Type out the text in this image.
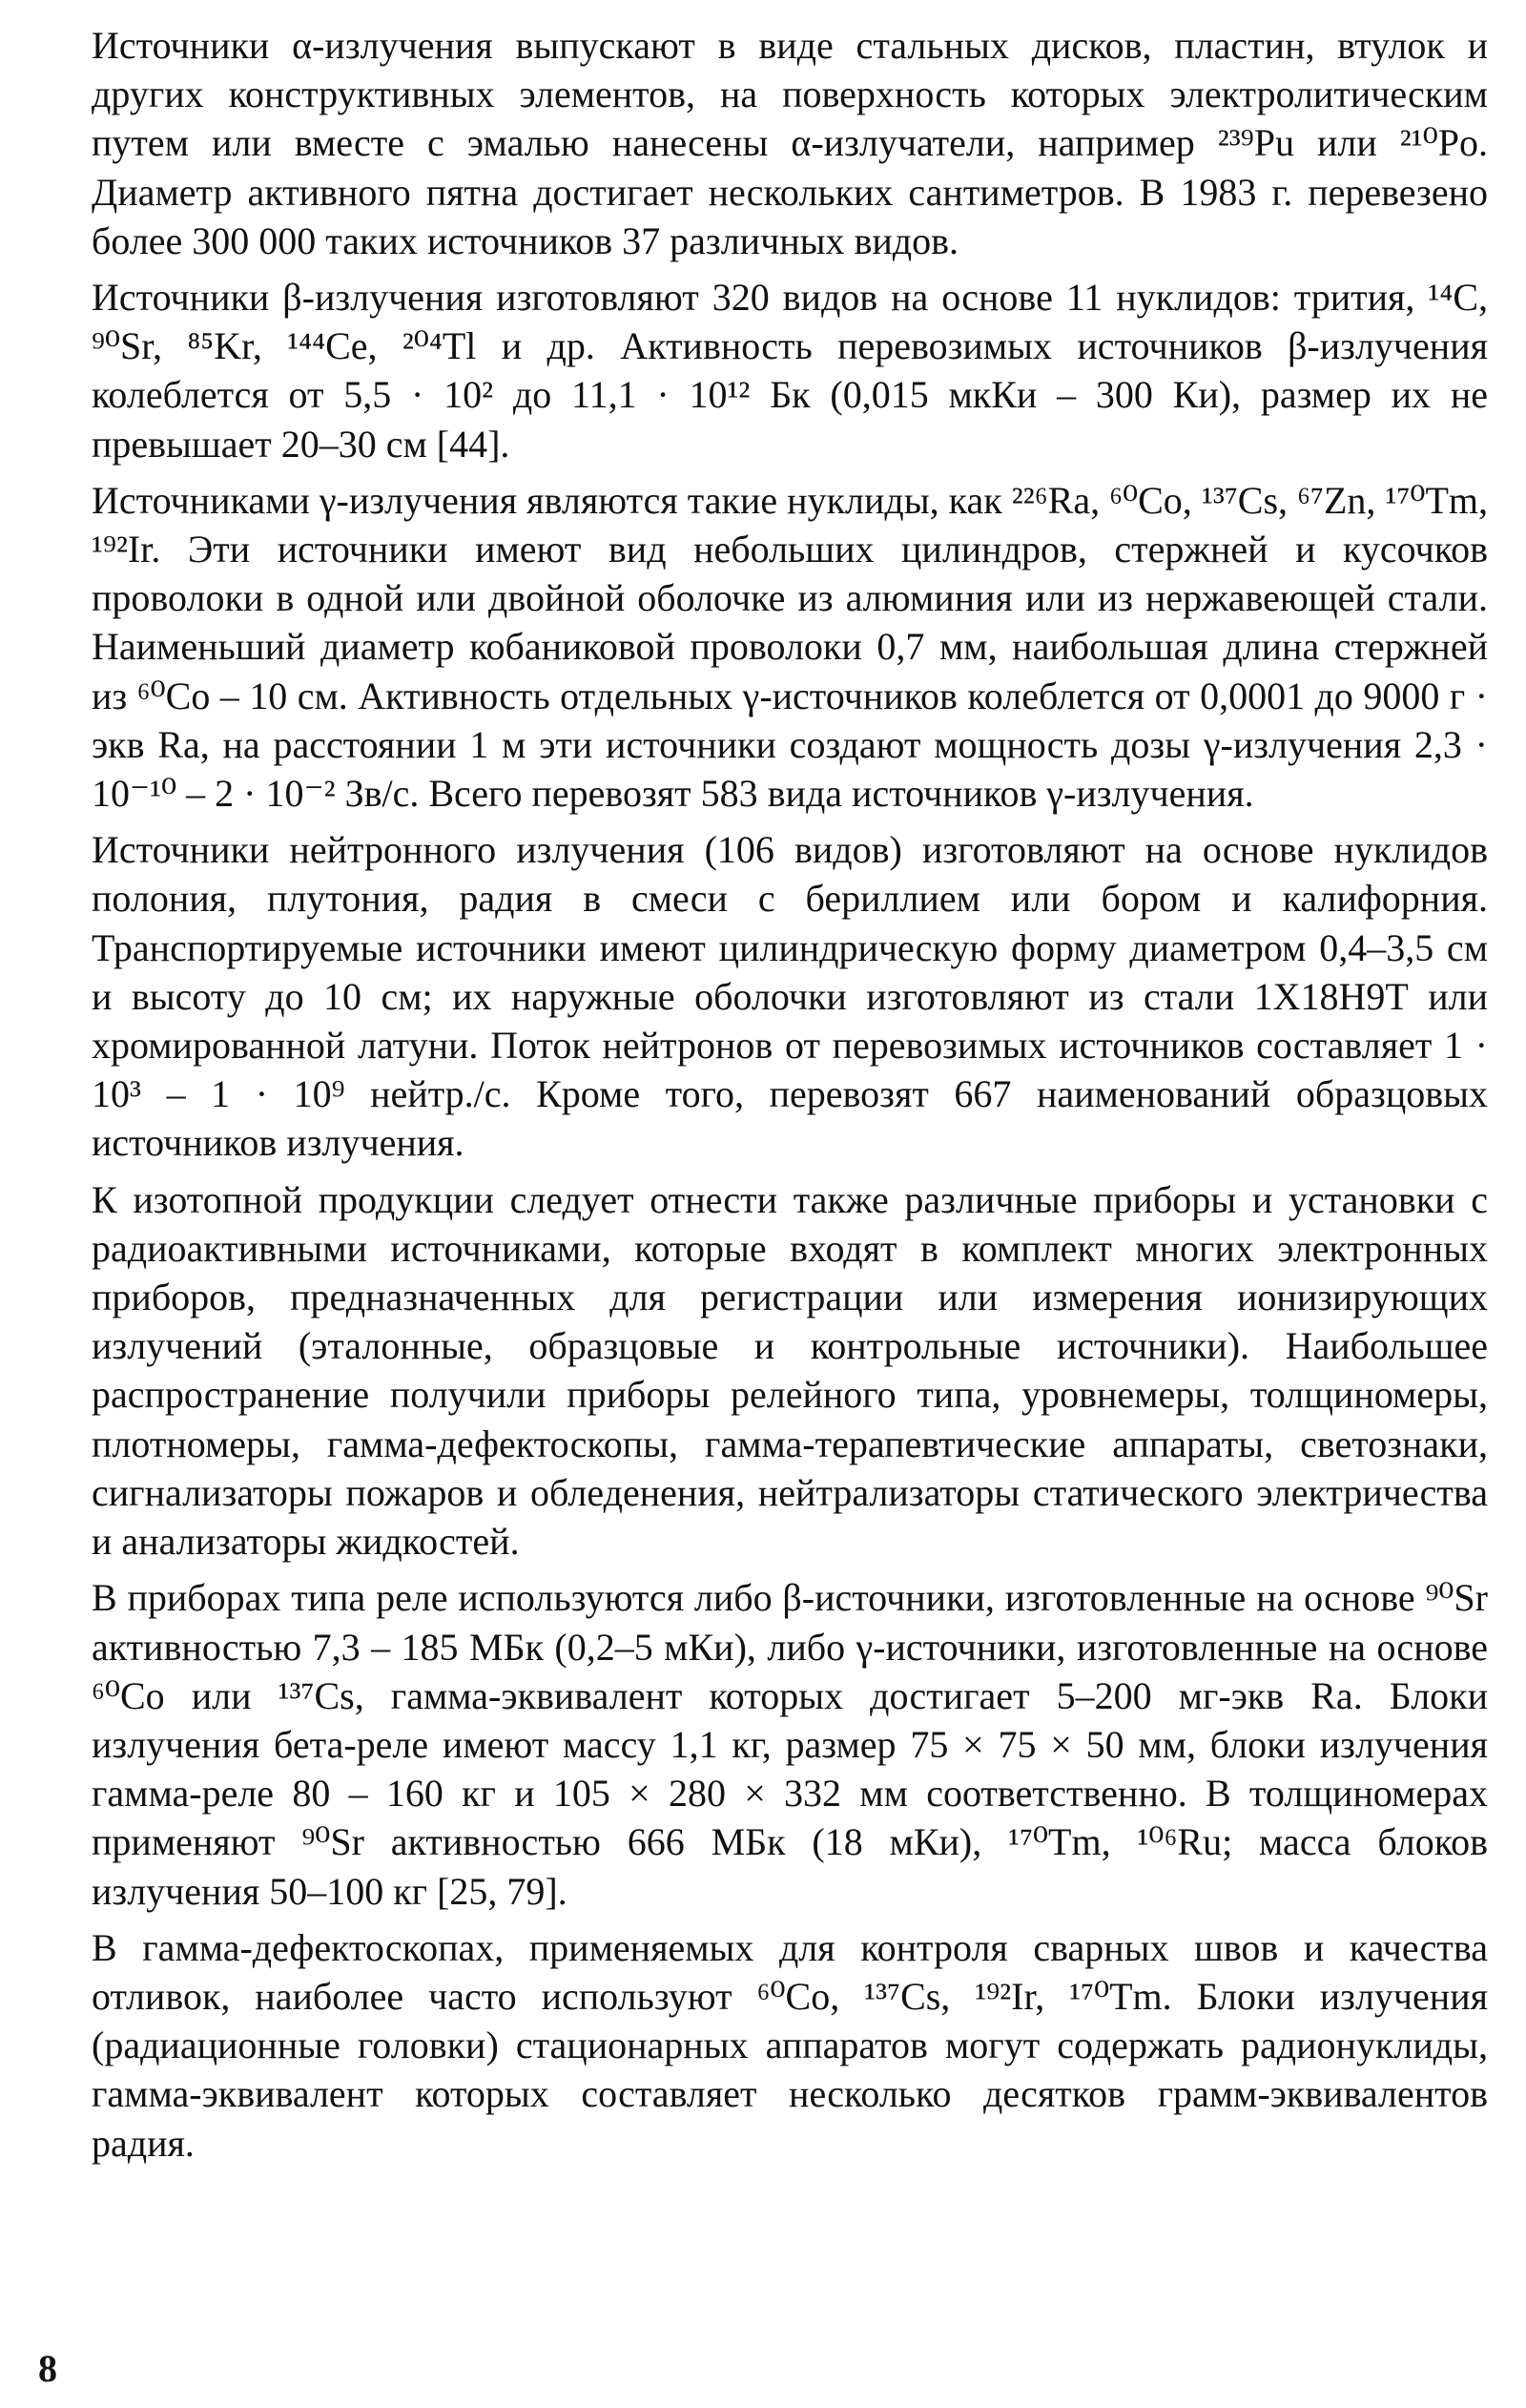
Источники α-излучения выпускают в виде стальных дисков, пластин, втулок и других конструктивных элементов, на поверхность которых электролитическим путем или вместе с эмалью нанесены α-излучатели, например ²³⁹Pu или ²¹⁰Po. Диаметр активного пятна достигает нескольких сантиметров. В 1983 г. перевезено более 300 000 таких источников 37 различных видов.

Источники β-излучения изготовляют 320 видов на основе 11 нуклидов: трития, ¹⁴C, ⁹⁰Sr, ⁸⁵Kr, ¹⁴⁴Ce, ²⁰⁴Tl и др. Активность перевозимых источников β-излучения колеблется от 5,5 · 10² до 11,1 · 10¹² Бк (0,015 мкКи – 300 Ки), размер их не превышает 20–30 см [44].

Источниками γ-излучения являются такие нуклиды, как ²²⁶Ra, ⁶⁰Co, ¹³⁷Cs, ⁶⁷Zn, ¹⁷⁰Tm, ¹⁹²Ir. Эти источники имеют вид небольших цилиндров, стержней и кусочков проволоки в одной или двойной оболочке из алюминия или из нержавеющей стали. Наименьший диаметр кобаниковой проволоки 0,7 мм, наибольшая длина стержней из ⁶⁰Co – 10 см. Активность отдельных γ-источников колеблется от 0,0001 до 9000 г · экв Ra, на расстоянии 1 м эти источники создают мощность дозы γ-излучения 2,3 · 10⁻¹⁰ – 2 · 10⁻² Зв/с. Всего перевозят 583 вида источников γ-излучения.

Источники нейтронного излучения (106 видов) изготовляют на основе нуклидов полония, плутония, радия в смеси с бериллием или бором и калифорния. Транспортируемые источники имеют цилиндрическую форму диаметром 0,4–3,5 см и высоту до 10 см; их наружные оболочки изготовляют из стали 1Х18Н9Т или хромированной латуни. Поток нейтронов от перевозимых источников составляет 1 · 10³ – 1 · 10⁹ нейтр./с. Кроме того, перевозят 667 наименований образцовых источников излучения.

К изотопной продукции следует отнести также различные приборы и установки с радиоактивными источниками, которые входят в комплект многих электронных приборов, предназначенных для регистрации или измерения ионизирующих излучений (эталонные, образцовые и контрольные источники). Наибольшее распространение получили приборы релейного типа, уровнемеры, толщиномеры, плотномеры, гамма-дефектоскопы, гамма-терапевтические аппараты, светознаки, сигнализаторы пожаров и обледенения, нейтрализаторы статического электричества и анализаторы жидкостей.

В приборах типа реле используются либо β-источники, изготовленные на основе ⁹⁰Sr активностью 7,3 – 185 МБк (0,2–5 мКи), либо γ-источники, изготовленные на основе ⁶⁰Co или ¹³⁷Cs, гамма-эквивалент которых достигает 5–200 мг-экв Ra. Блоки излучения бета-реле имеют массу 1,1 кг, размер 75 × 75 × 50 мм, блоки излучения гамма-реле 80 – 160 кг и 105 × 280 × 332 мм соответственно. В толщиномерах применяют ⁹⁰Sr активностью 666 МБк (18 мКи), ¹⁷⁰Tm, ¹⁰⁶Ru; масса блоков излучения 50–100 кг [25, 79].

В гамма-дефектоскопах, применяемых для контроля сварных швов и качества отливок, наиболее часто используют ⁶⁰Co, ¹³⁷Cs, ¹⁹²Ir, ¹⁷⁰Tm. Блоки излучения (радиационные головки) стационарных аппаратов могут содержать радионуклиды, гамма-эквивалент которых составляет несколько десятков грамм-эквивалентов радия.

8
